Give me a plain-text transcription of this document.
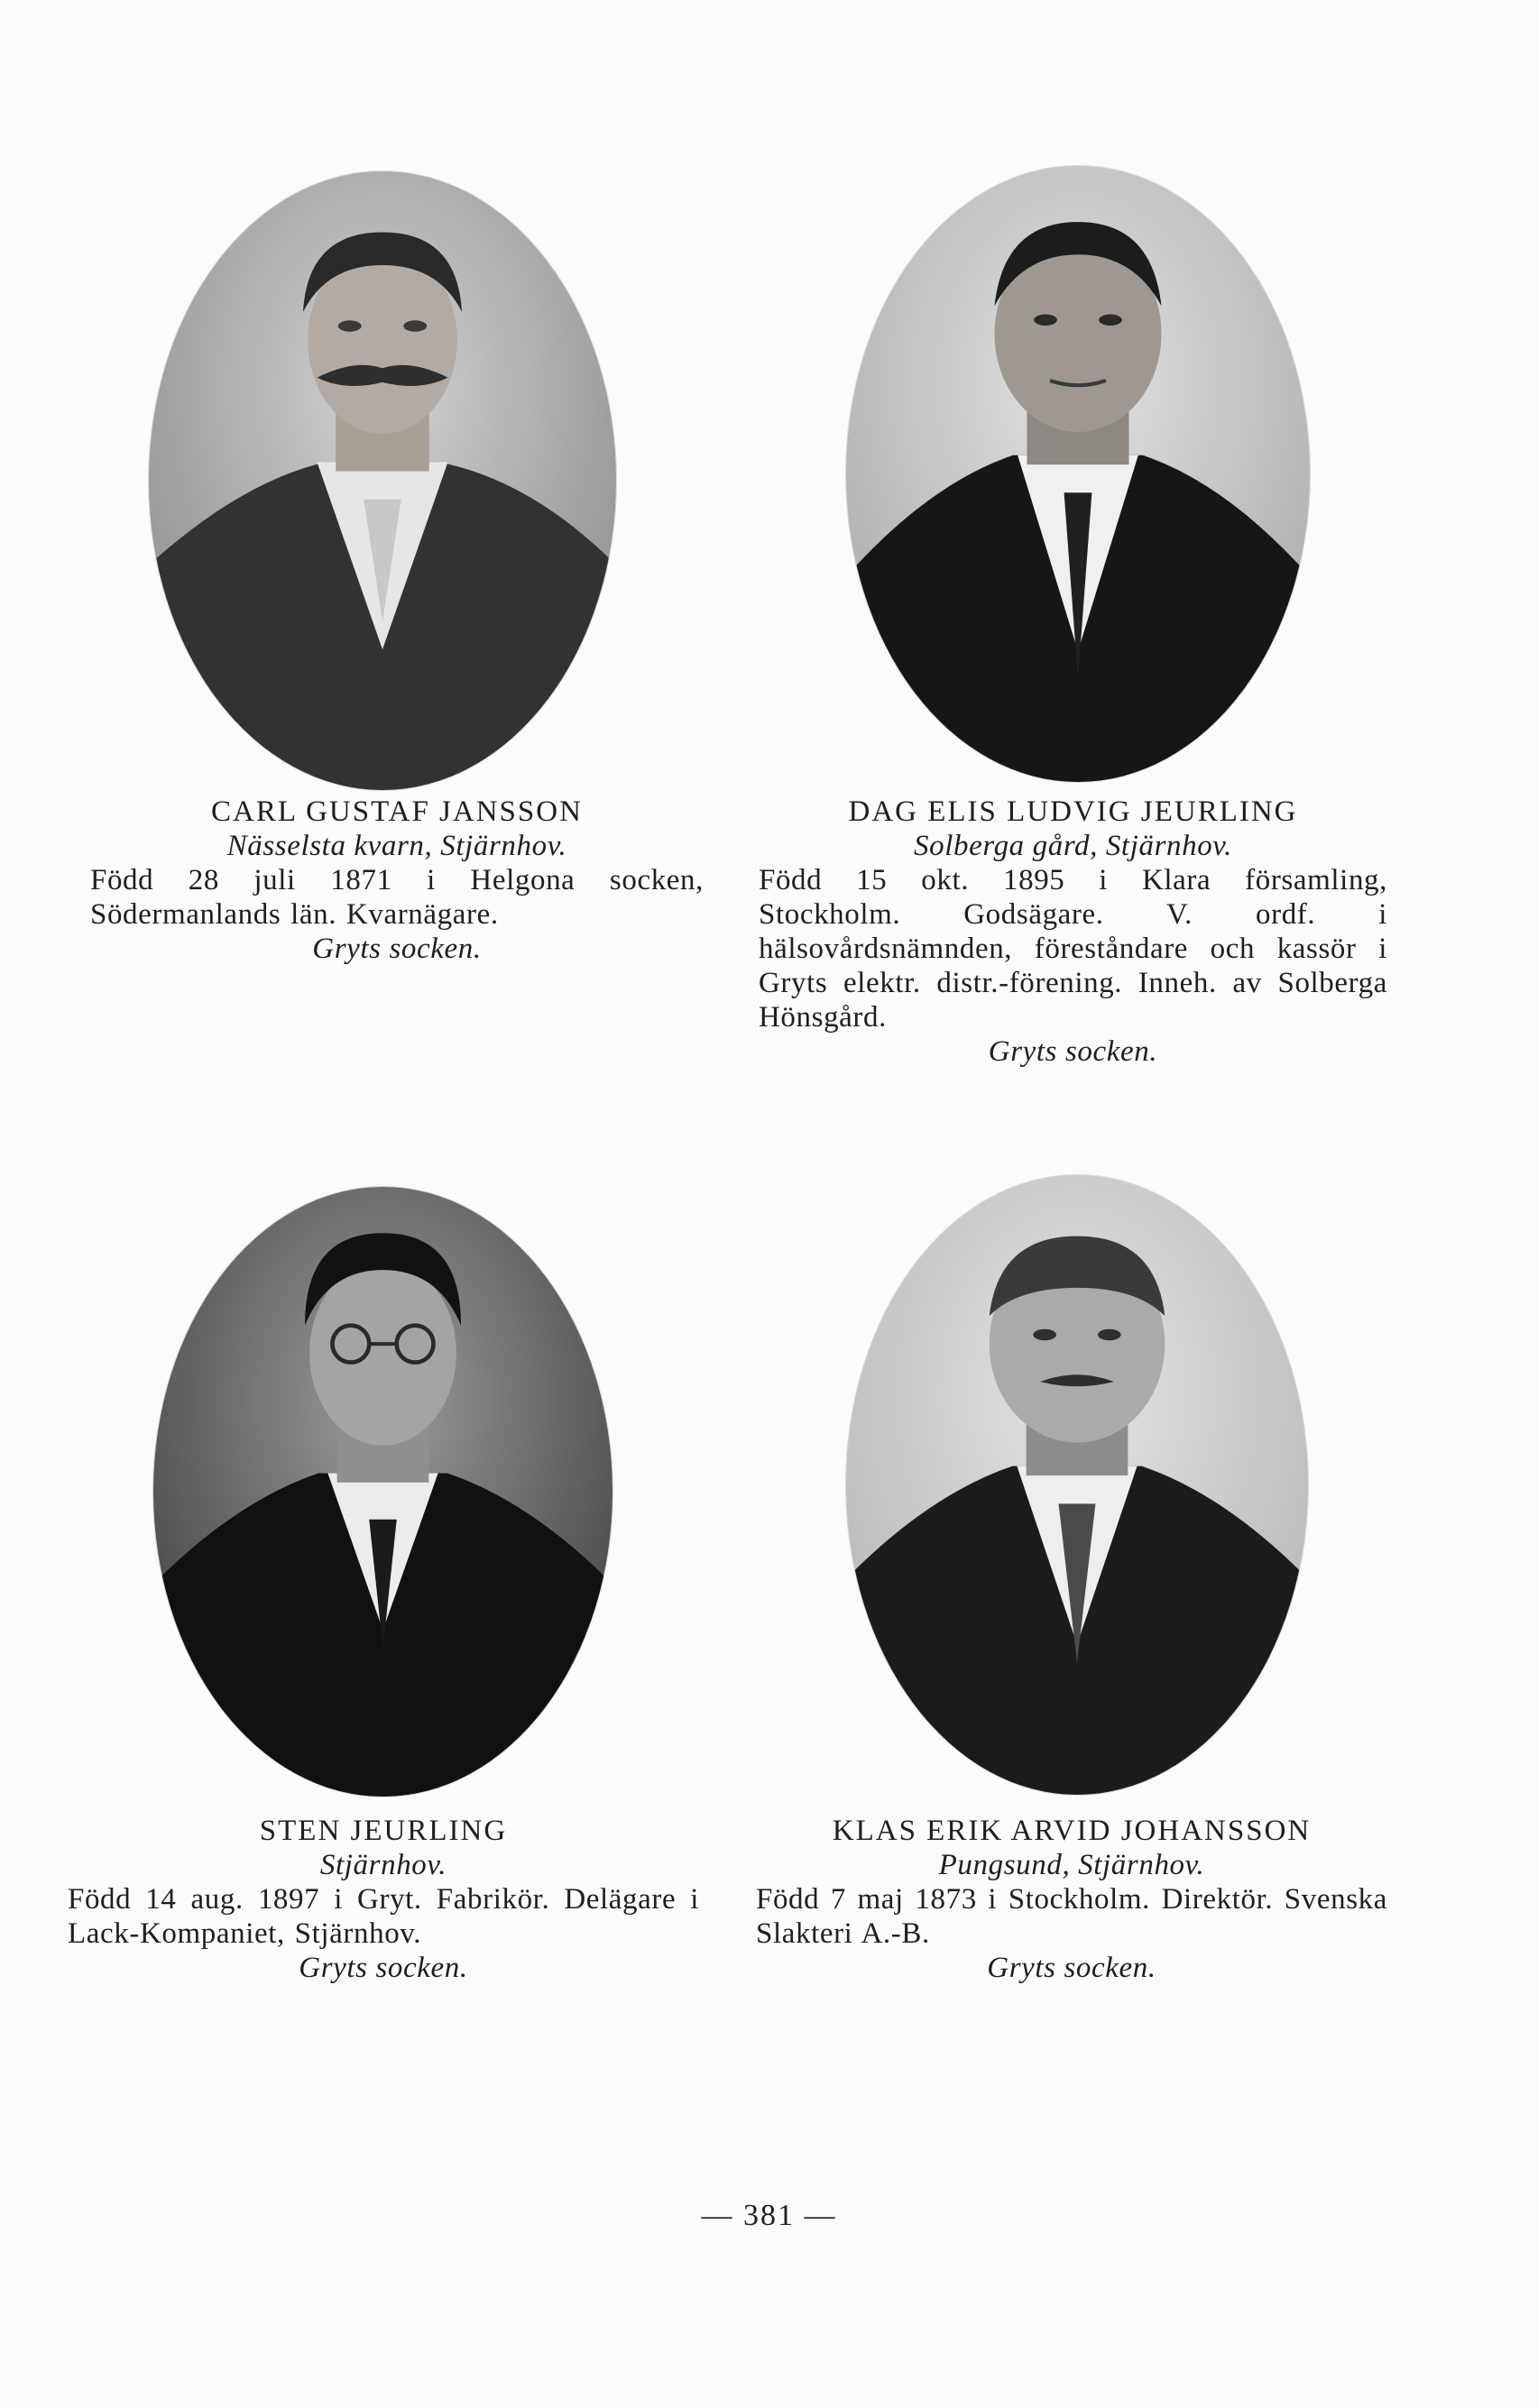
CARL GUSTAF JANSSON
Nässelsta kvarn, Stjärnhov.
Född 28 juli 1871 i Helgona socken, Södermanlands län. Kvarnägare.
Gryts socken.
DAG ELIS LUDVIG JEURLING
Solberga gård, Stjärnhov.
Född 15 okt. 1895 i Klara församling, Stockholm. Godsägare. V. ordf. i hälsovårdsnämnden, föreståndare och kassör i Gryts elektr. distr.-förening. Inneh. av Solberga Hönsgård.
Gryts socken.
STEN JEURLING
Stjärnhov.
Född 14 aug. 1897 i Gryt. Fabrikör. Delägare i Lack-Kompaniet, Stjärnhov.
Gryts socken.
KLAS ERIK ARVID JOHANSSON
Pungsund, Stjärnhov.
Född 7 maj 1873 i Stockholm. Direktör. Svenska Slakteri A.-B.
Gryts socken.
— 381 —
